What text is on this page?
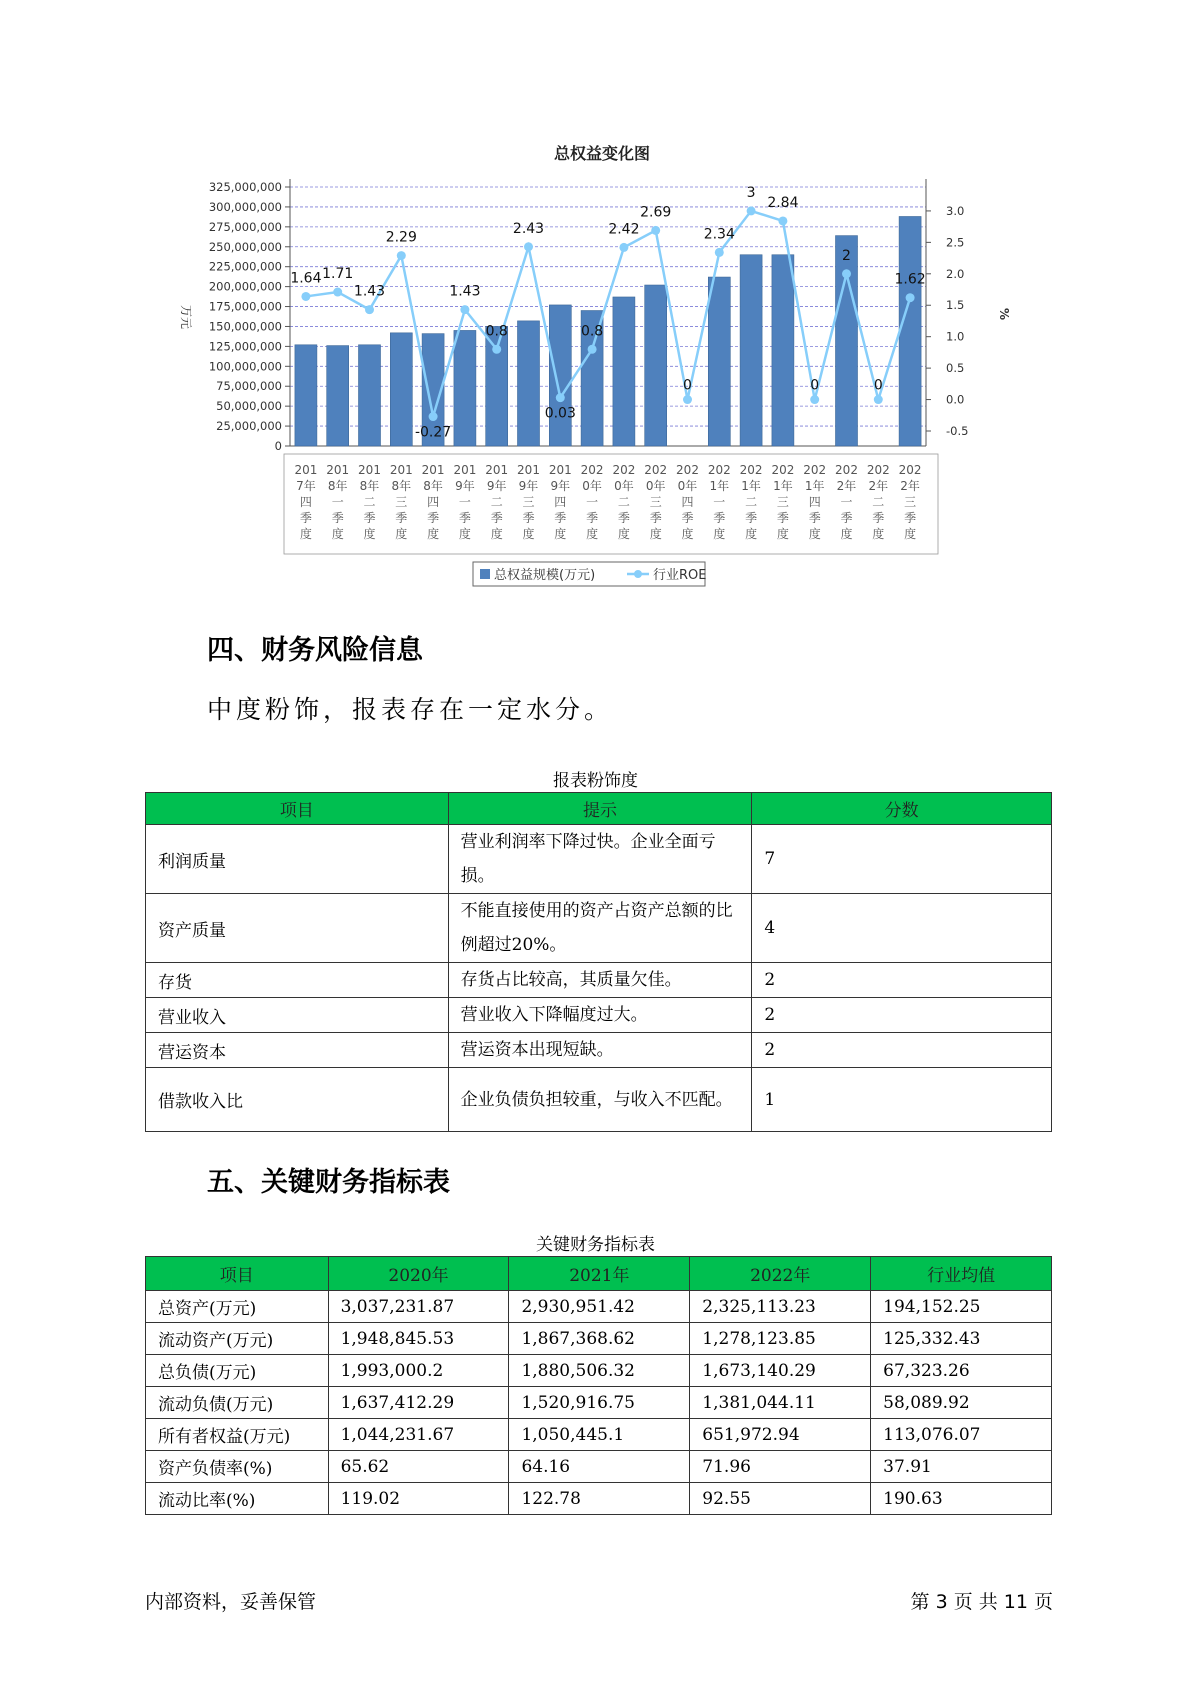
总权益变化图
325,000,000
300,000,000
275,000,000
250,000,000
225,000,000
200,000,000
175,000,000
150,000,000
125,000,000
100,000,000
75,000,000
50,000,000
25,000,000
0
3.0
2.5
2.0
1.5
1.0
0.5
0.0
-0.5
万元	%
201
7年
四
季
度
201
8年
一
季
度
201
8年
二
季
度
201
8年
三
季
度
201
8年
四
季
度
201
9年
一
季
度
201
9年
二
季
度
201
9年
三
季
度
201
9年
四
季
度
202
0年
一
季
度
202
0年
二
季
度
202
0年
三
季
度
202
0年
四
季
度
202
1年
一
季
度
202
1年
二
季
度
202
1年
三
季
度
202
1年
四
季
度
202
2年
一
季
度
202
2年
二
季
度
202
2年
三
季
度
1.64 1.71
1.43
2.29
-0.27
1.43
0.8
2.43
0.03
0.8
2.42
2.69
0
2.34
3
2.84
0
2
0
1.62
总权益规模(万元)	行业ROE
四、财务风险信息
中度粉饰，报表存在一定水分。
报表粉饰度
项目	提示	分数
利润质量	营业利润率下降过快。企业全面亏损。	7
资产质量	不能直接使用的资产占资产总额的比例超过20%。	4
存货	存货占比较高，其质量欠佳。	2
营业收入	营业收入下降幅度过大。	2
营运资本	营运资本出现短缺。	2
借款收入比	企业负债负担较重，与收入不匹配。	1
五、关键财务指标表
关键财务指标表
项目	2020年	2021年	2022年	行业均值
总资产(万元)	3,037,231.87	2,930,951.42	2,325,113.23	194,152.25
流动资产(万元)	1,948,845.53	1,867,368.62	1,278,123.85	125,332.43
总负债(万元)	1,993,000.2	1,880,506.32	1,673,140.29	67,323.26
流动负债(万元)	1,637,412.29	1,520,916.75	1,381,044.11	58,089.92
所有者权益(万元)	1,044,231.67	1,050,445.1	651,972.94	113,076.07
资产负债率(%)	65.62	64.16	71.96	37.91
流动比率(%)	119.02	122.78	92.55	190.63
内部资料，妥善保管	第 3 页 共 11 页
